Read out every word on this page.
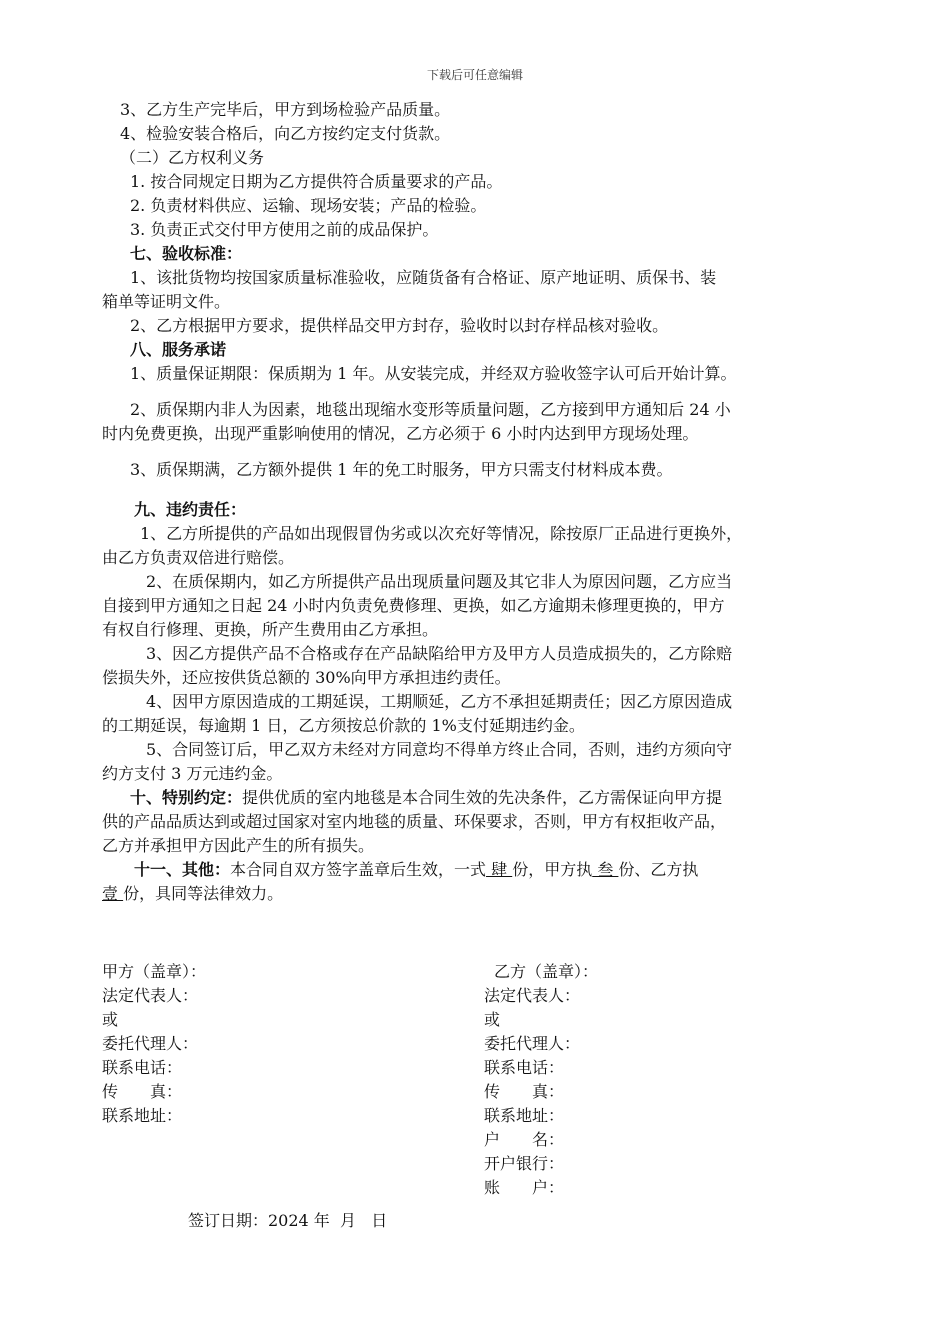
下载后可任意编辑
3、乙方生产完毕后，甲方到场检验产品质量。
4、检验安装合格后，向乙方按约定支付货款。
（二）乙方权利义务
1. 按合同规定日期为乙方提供符合质量要求的产品。
2. 负责材料供应、运输、现场安装；产品的检验。
3. 负责正式交付甲方使用之前的成品保护。
七、验收标准：
1、该批货物均按国家质量标准验收，应随货备有合格证、原产地证明、质保书、装
箱单等证明文件。
2、乙方根据甲方要求，提供样品交甲方封存，验收时以封存样品核对验收。
八、服务承诺
1、质量保证期限：保质期为 1 年。从安装完成，并经双方验收签字认可后开始计算。
2、质保期内非人为因素，地毯出现缩水变形等质量问题，乙方接到甲方通知后 24 小
时内免费更换，出现严重影响使用的情况，乙方必须于 6 小时内达到甲方现场处理。
3、质保期满，乙方额外提供 1 年的免工时服务，甲方只需支付材料成本费。
九、违约责任：
1、乙方所提供的产品如出现假冒伪劣或以次充好等情况，除按原厂正品进行更换外，
由乙方负责双倍进行赔偿。
2、在质保期内，如乙方所提供产品出现质量问题及其它非人为原因问题，乙方应当
自接到甲方通知之日起 24 小时内负责免费修理、更换，如乙方逾期未修理更换的，甲方
有权自行修理、更换，所产生费用由乙方承担。
3、因乙方提供产品不合格或存在产品缺陷给甲方及甲方人员造成损失的，乙方除赔
偿损失外，还应按供货总额的 30%向甲方承担违约责任。
4、因甲方原因造成的工期延误，工期顺延，乙方不承担延期责任；因乙方原因造成
的工期延误，每逾期 1 日，乙方须按总价款的 1%支付延期违约金。
5、合同签订后，甲乙双方未经对方同意均不得单方终止合同，否则，违约方须向守
约方支付 3 万元违约金。
十、特别约定：提供优质的室内地毯是本合同生效的先决条件，乙方需保证向甲方提
供的产品品质达到或超过国家对室内地毯的质量、环保要求，否则，甲方有权拒收产品，
乙方并承担甲方因此产生的所有损失。
十一、其他：本合同自双方签字盖章后生效，一式 肆 份，甲方执 叁 份、乙方执
壹 份，具同等法律效力。
甲方（盖章）：
法定代表人：
或
委托代理人：
联系电话：
传　　真：
联系地址：
乙方（盖章）：
法定代表人：
或
委托代理人：
联系电话：
传　　真：
联系地址：
户　　名：
开户银行：
账　　户：
签订日期：2024 年  月   日
